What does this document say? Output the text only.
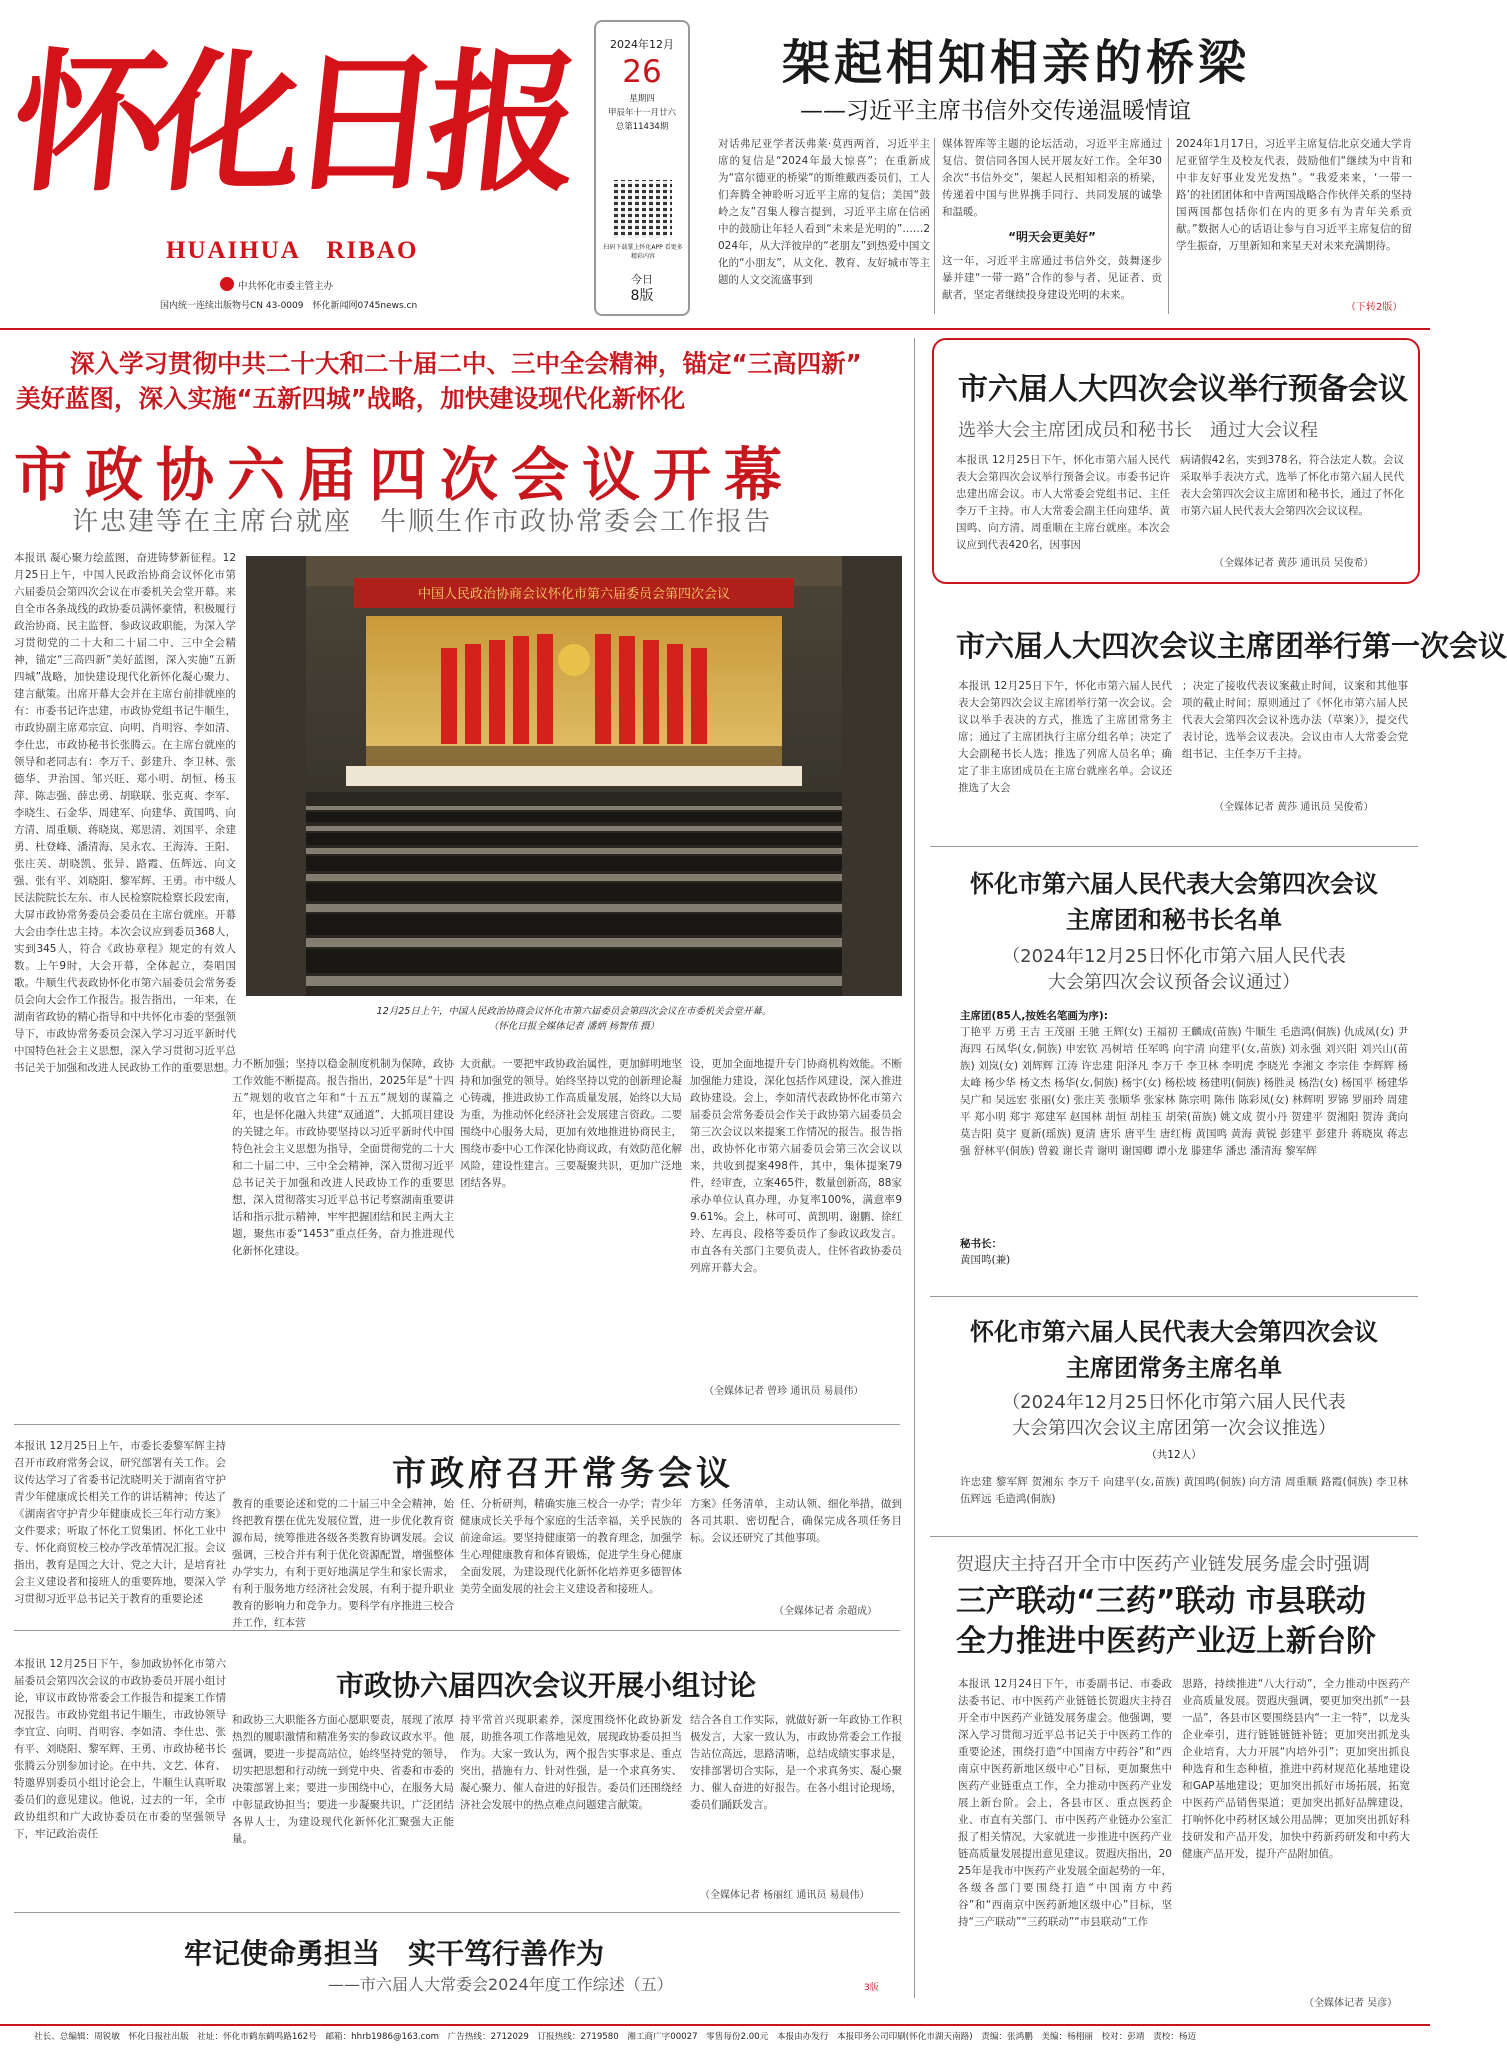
怀化日报
HUAIHUA　RIBAO
中共怀化市委主管主办
国内统一连续出版物号CN 43-0009　怀化新闻网0745news.cn
2024年12月
26
星期四
甲辰年十一月廿六
总第11434期
扫码下载掌上怀化APP 看更多精彩内容
今日
8版
架起相知相亲的桥梁
——习近平主席书信外交传递温暖情谊
对话弗尼亚学者沃弗莱·莫西两首，习近平主席的复信是“2024年最大惊喜”；在重新成为“富尔德亚的桥梁”的斯维戴西委员们，工人们奔腾全神聆听习近平主席的复信；美国“鼓岭之友”召集人穆言提到，习近平主席在信函中的鼓励让年轻人看到“未来是光明的”……2024年，从大洋彼岸的“老朋友”到热爱中国文化的“小朋友”，从文化、教育、友好城市等主题的人文交流盛事到
媒体智库等主题的论坛活动，习近平主席通过复信、贺信同各国人民开展友好工作。全年30余次“书信外交”，架起人民相知相亲的桥梁，传递着中国与世界携手同行、共同发展的诚挚和温暖。
“明天会更美好”
这一年，习近平主席通过书信外交，鼓舞逐步暴并建“一带一路”合作的参与者、见证者、贡献者，坚定者继续投身建设光明的未来。
2024年1月17日，习近平主席复信北京交通大学肯尼亚留学生及校友代表，鼓励他们“继续为中肯和中非友好事业发光发热”。“我爱来来，‘一带一路’的社团团体和中肯两国战略合作伙伴关系的坚持国两国都包括你们在内的更多有为青年关系贡献。”数据人心的话语让参与自习近平主席复信的留学生振奋，万里新知和来星天对未来充满期待。
（下转2版）
深入学习贯彻中共二十大和二十届二中、三中全会精神，锚定“三高四新”
美好蓝图，深入实施“五新四城”战略，加快建设现代化新怀化
市政协六届四次会议开幕
许忠建等在主席台就座　牛顺生作市政协常委会工作报告
本报讯 凝心聚力绘蓝图，奋进铸梦新征程。12月25日上午，中国人民政治协商会议怀化市第六届委员会第四次会议在市委机关会堂开幕。来自全市各条战线的政协委员满怀豪情，积极履行政治协商、民主监督、参政议政职能，为深入学习贯彻党的二十大和二十届二中、三中全会精神，锚定“三高四新”美好蓝图，深入实施“五新四城”战略，加快建设现代化新怀化凝心聚力、建言献策。出席开幕大会并在主席台前排就座的有：市委书记许忠建，市政协党组书记牛顺生，市政协副主席邓宗宣、向明、肖明容、李如清、李仕忠，市政协秘书长张腾云。在主席台就座的领导和老同志有：李万千、彭建升、李卫林、张德华、尹治国、邹兴旺、郑小明、胡恒、杨玉萍、陈志强、薛忠勇、胡联联、张克爽、李军、李晓生、石金华、周建军、向建华、黄国鸣、向方清、周重顺、蒋晓岚、郑思清、刘国平、余建勇、杜登峰、潘清海、吴永农、王海涛、王阳、张庄芙、胡晓凯、张异、路霞、伍辉远、向文强、张有平、刘晓阳、黎军辉、王勇。市中级人民法院院长左东、市人民检察院检察长段宏南，大屏市政协常务委员会委员在主席台就座。开幕大会由李仕忠主持。本次会议应到委员368人，实到345人，符合《政协章程》规定的有效人数。上午9时，大会开幕，全体起立，奏唱国歌。牛顺生代表政协怀化市第六届委员会常务委员会向大会作工作报告。报告指出，一年来，在湖南省政协的精心指导和中共怀化市委的坚强领导下，市政协常务委员会深入学习习近平新时代中国特色社会主义思想，深入学习贯彻习近平总书记关于加强和改进人民政协工作的重要思想。
中国人民政治协商会议怀化市第六届委员会第四次会议
12月25日上午，中国人民政治协商会议怀化市第六届委员会第四次会议在市委机关会堂开幕。
（怀化日报全媒体记者 潘炳 杨智伟 摄）
力不断加强；坚持以稳金制度机制为保障，政协工作效能不断提高。报告指出，2025年是“十四五”规划的收官之年和“十五五”规划的谋篇之年，也是怀化融入共建“双通道”、大抓项目建设的关键之年。市政协要坚持以习近平新时代中国特色社会主义思想为指导，全面贯彻党的二十大和二十届二中、三中全会精神，深入贯彻习近平总书记关于加强和改进人民政协工作的重要思想，深入贯彻落实习近平总书记考察湖南重要讲话和指示批示精神，牢牢把握团结和民主两大主题，聚焦市委“1453”重点任务，奋力推进现代化新怀化建设。
大贡献。一要把牢政协政治属性，更加鲜明地坚持和加强党的领导。始终坚持以党的创新理论凝心铸魂，推进政协工作高质量发展，始终以大局为重，为推动怀化经济社会发展建言资政。二要围绕中心服务大局，更加有效地推进协商民主，围绕市委中心工作深化协商议政，有效防范化解风险，建设性建言。三要凝聚共识，更加广泛地团结各界。
设，更加全面地提升专门协商机构效能。不断加强能力建设，深化包括作风建设，深入推进政协建设。会上，李如清代表政协怀化市第六届委员会常务委员会作关于政协第六届委员会第三次会议以来提案工作情况的报告。报告指出，政协怀化市第六届委员会第三次会议以来，共收到提案498件，其中，集体提案79件，经审查，立案465件，数量创新高，88家承办单位认真办理，办复率100%，满意率99.61%。会上，林可可、黄凯明、谢鹏、徐红玲、左再良、段格等委员作了参政议政发言。市直各有关部门主要负责人，住怀省政协委员列席开幕大会。
（全媒体记者 曾珍 通讯员 易晨伟）
市六届人大四次会议举行预备会议
选举大会主席团成员和秘书长　通过大会议程
本报讯 12月25日下午，怀化市第六届人民代表大会第四次会议举行预备会议。市委书记许忠建出席会议。市人大常委会党组书记、主任李万千主持。市人大常委会副主任向建华、黄国鸣、向方清、周重顺在主席台就座。本次会议应到代表420名，因事因
病请假42名，实到378名，符合法定人数。会议采取举手表决方式，选举了怀化市第六届人民代表大会第四次会议主席团和秘书长，通过了怀化市第六届人民代表大会第四次会议议程。
（全媒体记者 黄莎 通讯员 吴俊希）
市六届人大四次会议主席团举行第一次会议
本报讯 12月25日下午，怀化市第六届人民代表大会第四次会议主席团举行第一次会议。会议以举手表决的方式，推选了主席团常务主席；通过了主席团执行主席分组名单；决定了大会副秘书长人选；推选了列席人员名单；确定了非主席团成员在主席台就座名单。会议还推选了大会
；决定了接收代表议案截止时间，议案和其他事项的截止时间；原则通过了《怀化市第六届人民代表大会第四次会议补选办法（草案）》，提交代表讨论，选举会议表决。会议由市人大常委会党组书记、主任李万千主持。
（全媒体记者 黄莎 通讯员 吴俊希）
怀化市第六届人民代表大会第四次会议
主席团和秘书长名单
（2024年12月25日怀化市第六届人民代表
大会第四次会议预备会议通过）
主席团(85人,按姓名笔画为序):
丁艳平 万勇 王吉 王茂丽 王驰 王辉(女) 王福初 王麟成(苗族) 牛顺生 毛造鸿(侗族) 仇成凤(女) 尹海四 石凤华(女,侗族) 申宏钦 冯树培 任军鸣 向宇清 向建平(女,苗族) 刘永强 刘兴阳 刘兴山(苗族) 刘岚(女) 刘辉辉 江涛 许忠建 阳泽凡 李万千 李卫林 李明虎 李晓光 李湘文 李宗佳 李辉辉 杨太峰 杨少华 杨文杰 杨华(女,侗族) 杨宇(女) 杨松坡 杨建明(侗族) 杨胜灵 杨浩(女) 杨国平 杨建华 吴广和 吴远宏 张丽(女) 张庄芙 张顺华 张家林 陈宗明 陈伟 陈彩凤(女) 林辉明 罗锦 罗丽玲 周建平 郑小明 郑宇 郑建军 赵国林 胡恒 胡桂玉 胡荣(苗族) 姚文成 贺小丹 贺建平 贺湘阳 贺涛 龚向 莫吉阳 莫宇 夏新(瑶族) 夏清 唐乐 唐平生 唐红梅 黄国鸣 黄海 黄锐 彭建平 彭建升 蒋晓岚 蒋志强 舒林平(侗族) 曾毅 谢长青 谢明 谢国卿 谭小龙 滕建华 潘忠 潘清海 黎军辉
秘书长：
黄国鸣(兼)
怀化市第六届人民代表大会第四次会议
主席团常务主席名单
（2024年12月25日怀化市第六届人民代表
大会第四次会议主席团第一次会议推选）
（共12人）
许忠建 黎军辉 贺湘东 李万千 向建平(女,苗族) 黄国鸣(侗族) 向方清 周重顺 路霞(侗族) 李卫林 伍辉远 毛造鸿(侗族)
贺遐庆主持召开全市中医药产业链发展务虚会时强调
三产联动“三药”联动 市县联动
全力推进中医药产业迈上新台阶
本报讯 12月24日下午，市委副书记、市委政法委书记、市中医药产业链链长贺遐庆主持召开全市中医药产业链发展务虚会。他强调，要深入学习贯彻习近平总书记关于中医药工作的重要论述，围绕打造“中国南方中药谷”和“西南京中医药新地区级中心”目标，更加聚焦中医药产业链重点工作，全力推动中医药产业发展上新台阶。会上，各县市区、重点医药企业、市直有关部门、市中医药产业链办公室汇报了相关情况，大家就进一步推进中医药产业链高质量发展提出意见建议。贺遐庆指出，2025年是我市中医药产业发展全面起势的一年，各级各部门要围绕打造“中国南方中药谷”和“西南京中医药新地区级中心”目标，坚持“三产联动”“三药联动”“市县联动”工作
思路，持续推进“八大行动”，全力推动中医药产业高质量发展。贺遐庆强调，要更加突出抓“一县一品”，各县市区要围绕县内“一主一特”，以龙头企业牵引，进行链链链链补链；更加突出抓龙头企业培育，大力开展“内培外引”；更加突出抓良种选育和生态种植，推进中药材规范化基地建设和GAP基地建设；更加突出抓好市场拓展，拓宽中医药产品销售渠道；更加突出抓好品牌建设，打响怀化中药材区域公用品牌；更加突出抓好科技研发和产品开发，加快中药新药研发和中药大健康产品开发，提升产品附加值。
（全媒体记者 吴彦）
本报讯 12月25日上午，市委长委黎军辉主持召开市政府常务会议，研究部署有关工作。会议传达学习了省委书记沈晓明关于湖南省守护青少年健康成长相关工作的讲话精神；传达了《湖南省守护青少年健康成长三年行动方案》文件要求；听取了怀化工贸集团、怀化工业中专、怀化商贸校三校办学改革情况汇报。会议指出，教育是国之大计、党之大计，是培育社会主义建设者和接班人的重要阵地，要深入学习贯彻习近平总书记关于教育的重要论述
市政府召开常务会议
教育的重要论述和党的二十届三中全会精神，始终把教育摆在优先发展位置，进一步优化教育资源布局，统筹推进各级各类教育协调发展。会议强调，三校合并有利于优化资源配置，增强整体办学实力，有利于更好地满足学生和家长需求，有利于服务地方经济社会发展，有利于提升职业教育的影响力和竞争力。要科学有序推进三校合并工作，红本营
任、分析研判，精确实施三校合一办学；青少年健康成长关乎每个家庭的生活幸福，关乎民族的前途命运。要坚持健康第一的教育理念，加强学生心理健康教育和体育锻炼，促进学生身心健康全面发展，为建设现代化新怀化培养更多德智体美劳全面发展的社会主义建设者和接班人。
方案》任务清单，主动认领、细化举措，做到各司其职、密切配合，确保完成各项任务目标。会议还研究了其他事项。
（全媒体记者 余超成）
本报讯 12月25日下午，参加政协怀化市第六届委员会第四次会议的市政协委员开展小组讨论，审议市政协常委会工作报告和提案工作情况报告。市政协党组书记牛顺生，市政协领导李宜宣、向明、肖明容、李如清、李仕忠、张有平、刘晓阳、黎军辉、王勇、市政协秘书长张腾云分别参加讨论。在中共、文艺、体育、特邀界别委员小组讨论会上，牛顺生认真听取委员们的意见建议。他说，过去的一年，全市政协组织和广大政协委员在市委的坚强领导下，牢记政治责任
市政协六届四次会议开展小组讨论
和政协三大职能各方面心愿职要责，展现了浓厚热烈的履职激情和精准务实的参政议政水平。他强调，要进一步提高站位，始终坚持党的领导，切实把思想和行动统一到党中央、省委和市委的决策部署上来；要进一步围绕中心，在服务大局中彰显政协担当；要进一步凝聚共识，广泛团结各界人士，为建设现代化新怀化汇聚强大正能量。
持平常首兴现职素养，深度围绕怀化政协新发展，助推各项工作落地见效，展现政协委员担当作为。大家一致认为，两个报告实事求是、重点突出，措施有力、针对性强，是一个求真务实、凝心聚力、催人奋进的好报告。委员们还围绕经济社会发展中的热点难点问题建言献策。
结合各自工作实际，就做好新一年政协工作积极发言，大家一致认为，市政协常委会工作报告站位高远，思路清晰，总结成绩实事求是，安排部署切合实际，是一个求真务实、凝心聚力、催人奋进的好报告。在各小组讨论现场，委员们踊跃发言。
（全媒体记者 杨丽红 通讯员 易晨伟）
牢记使命勇担当　实干笃行善作为
——市六届人大常委会2024年度工作综述（五）	3版
社长、总编辑：周锐敏　怀化日报社出版　社址：怀化市鹤东鹤鸣路162号　邮箱：hhrb1986@163.com　广告热线：2712029　订报热线：2719580　湘工商广字00027　零售每份2.00元　本报由办发行　本报印务公司印刷(怀化市湖天南路)　责编：张鸿鹏　美编：杨栩丽　校对：彭靖　责校：杨迈
